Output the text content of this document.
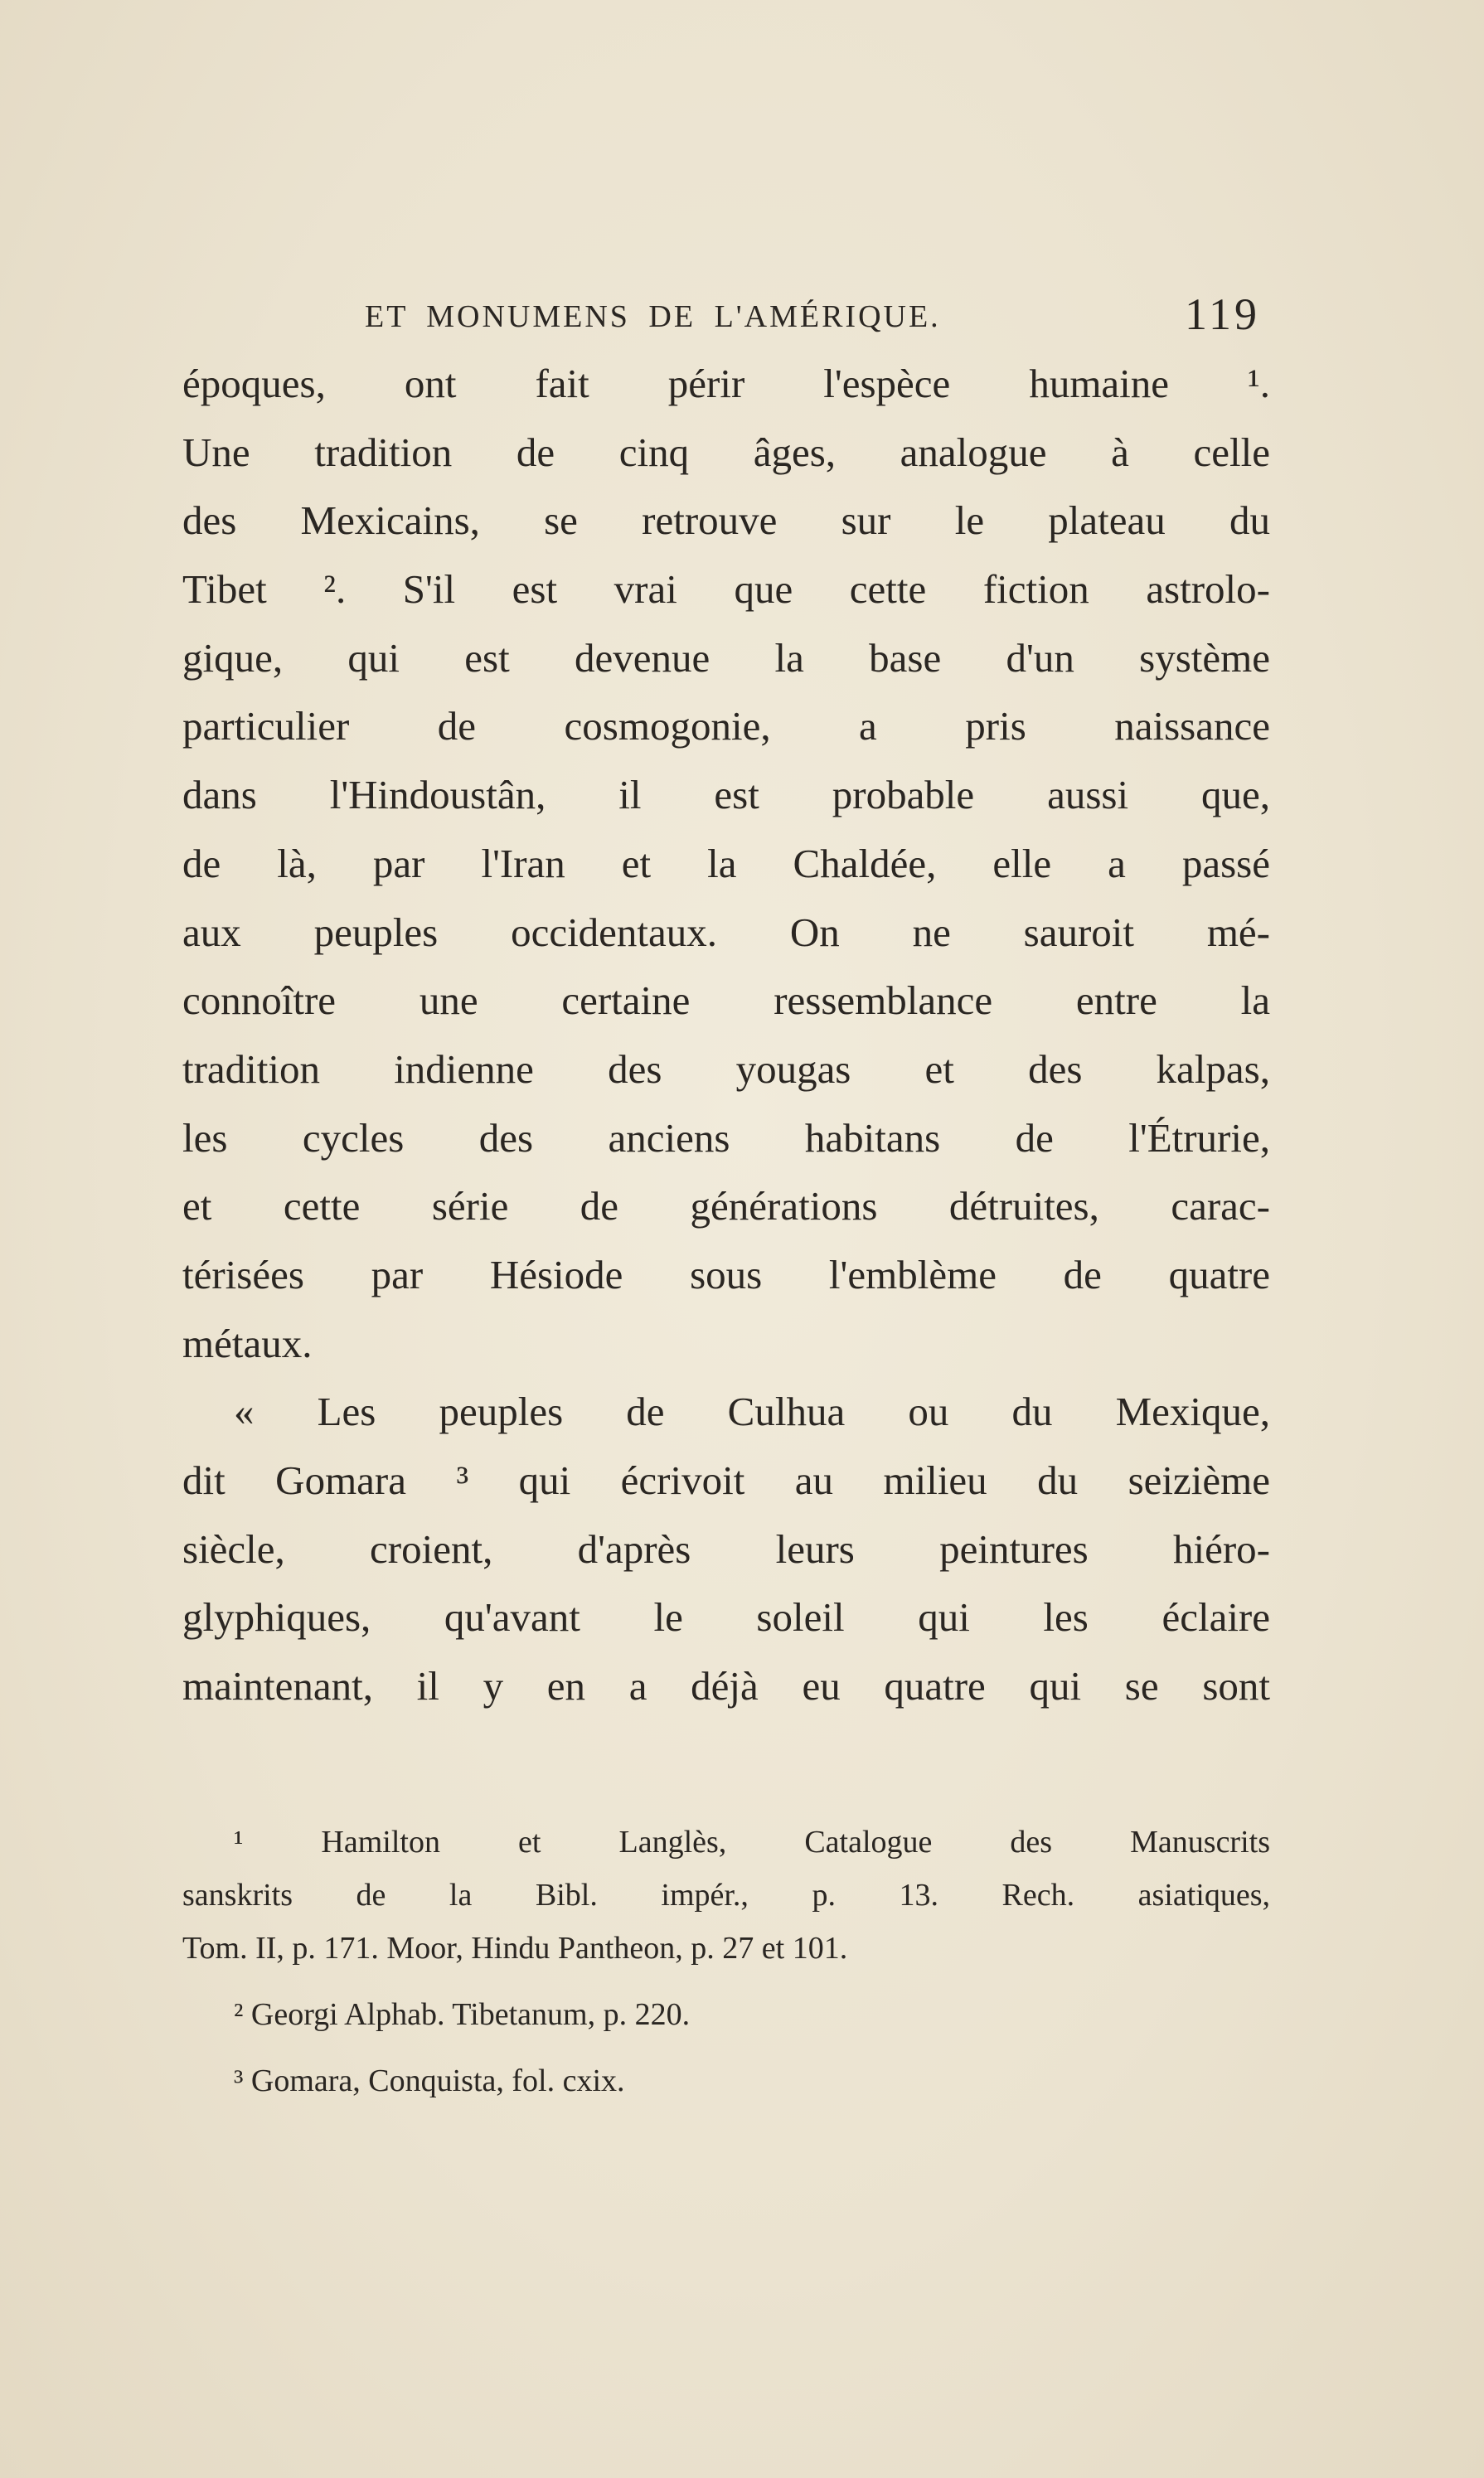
ET MONUMENS DE L'AMÉRIQUE.	119
époques, ont fait périr l'espèce humaine ¹.
Une tradition de cinq âges, analogue à celle
des Mexicains, se retrouve sur le plateau du
Tibet ². S'il est vrai que cette fiction astrolo-
gique, qui est devenue la base d'un système
particulier de cosmogonie, a pris naissance
dans l'Hindoustân, il est probable aussi que,
de là, par l'Iran et la Chaldée, elle a passé
aux peuples occidentaux. On ne sauroit mé-
connoître une certaine ressemblance entre la
tradition indienne des yougas et des kalpas,
les cycles des anciens habitans de l'Étrurie,
et cette série de générations détruites, carac-
térisées par Hésiode sous l'emblème de quatre
métaux.
« Les peuples de Culhua ou du Mexique,
dit Gomara ³ qui écrivoit au milieu du seizième
siècle, croient, d'après leurs peintures hiéro-
glyphiques, qu'avant le soleil qui les éclaire
maintenant, il y en a déjà eu quatre qui se sont
¹ Hamilton et Langlès, Catalogue des Manuscrits
sanskrits de la Bibl. impér., p. 13. Rech. asiatiques,
Tom. II, p. 171. Moor, Hindu Pantheon, p. 27 et 101.
² Georgi Alphab. Tibetanum, p. 220.
³ Gomara, Conquista, fol. cxix.
